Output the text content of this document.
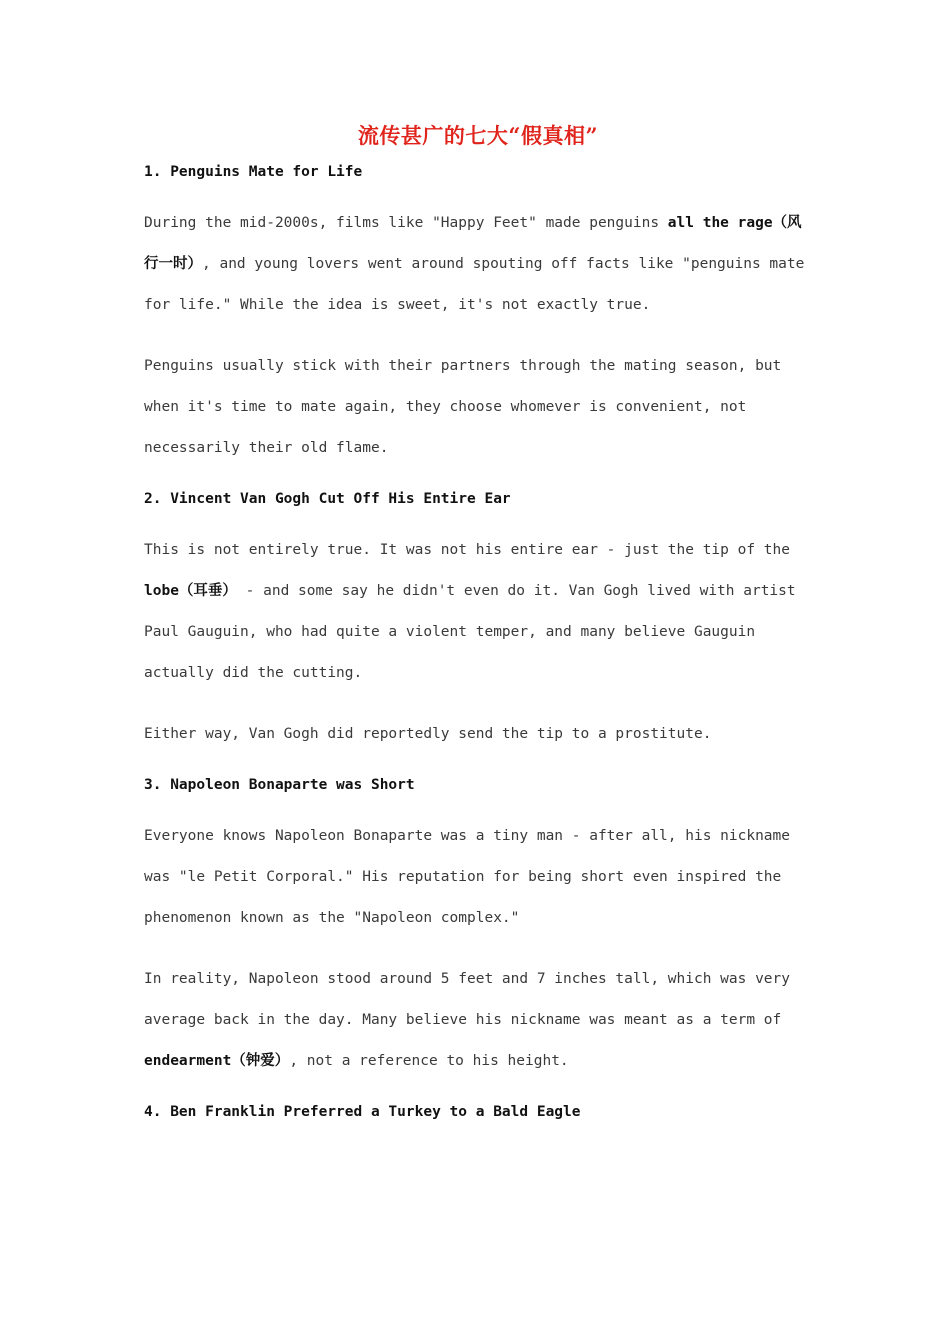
流传甚广的七大“假真相”
1. Penguins Mate for Life

During the mid-2000s, films like "Happy Feet" made penguins all the rage（风行一时）, and young lovers went around spouting off facts like "penguins mate for life." While the idea is sweet, it's not exactly true.

Penguins usually stick with their partners through the mating season, but when it's time to mate again, they choose whomever is convenient, not necessarily their old flame.

2. Vincent Van Gogh Cut Off His Entire Ear

This is not entirely true. It was not his entire ear - just the tip of the lobe（耳垂） - and some say he didn't even do it. Van Gogh lived with artist Paul Gauguin, who had quite a violent temper, and many believe Gauguin actually did the cutting.

Either way, Van Gogh did reportedly send the tip to a prostitute.

3. Napoleon Bonaparte was Short

Everyone knows Napoleon Bonaparte was a tiny man - after all, his nickname was "le Petit Corporal." His reputation for being short even inspired the phenomenon known as the "Napoleon complex."

In reality, Napoleon stood around 5 feet and 7 inches tall, which was very average back in the day. Many believe his nickname was meant as a term of endearment（钟爱）, not a reference to his height.

4. Ben Franklin Preferred a Turkey to a Bald Eagle
